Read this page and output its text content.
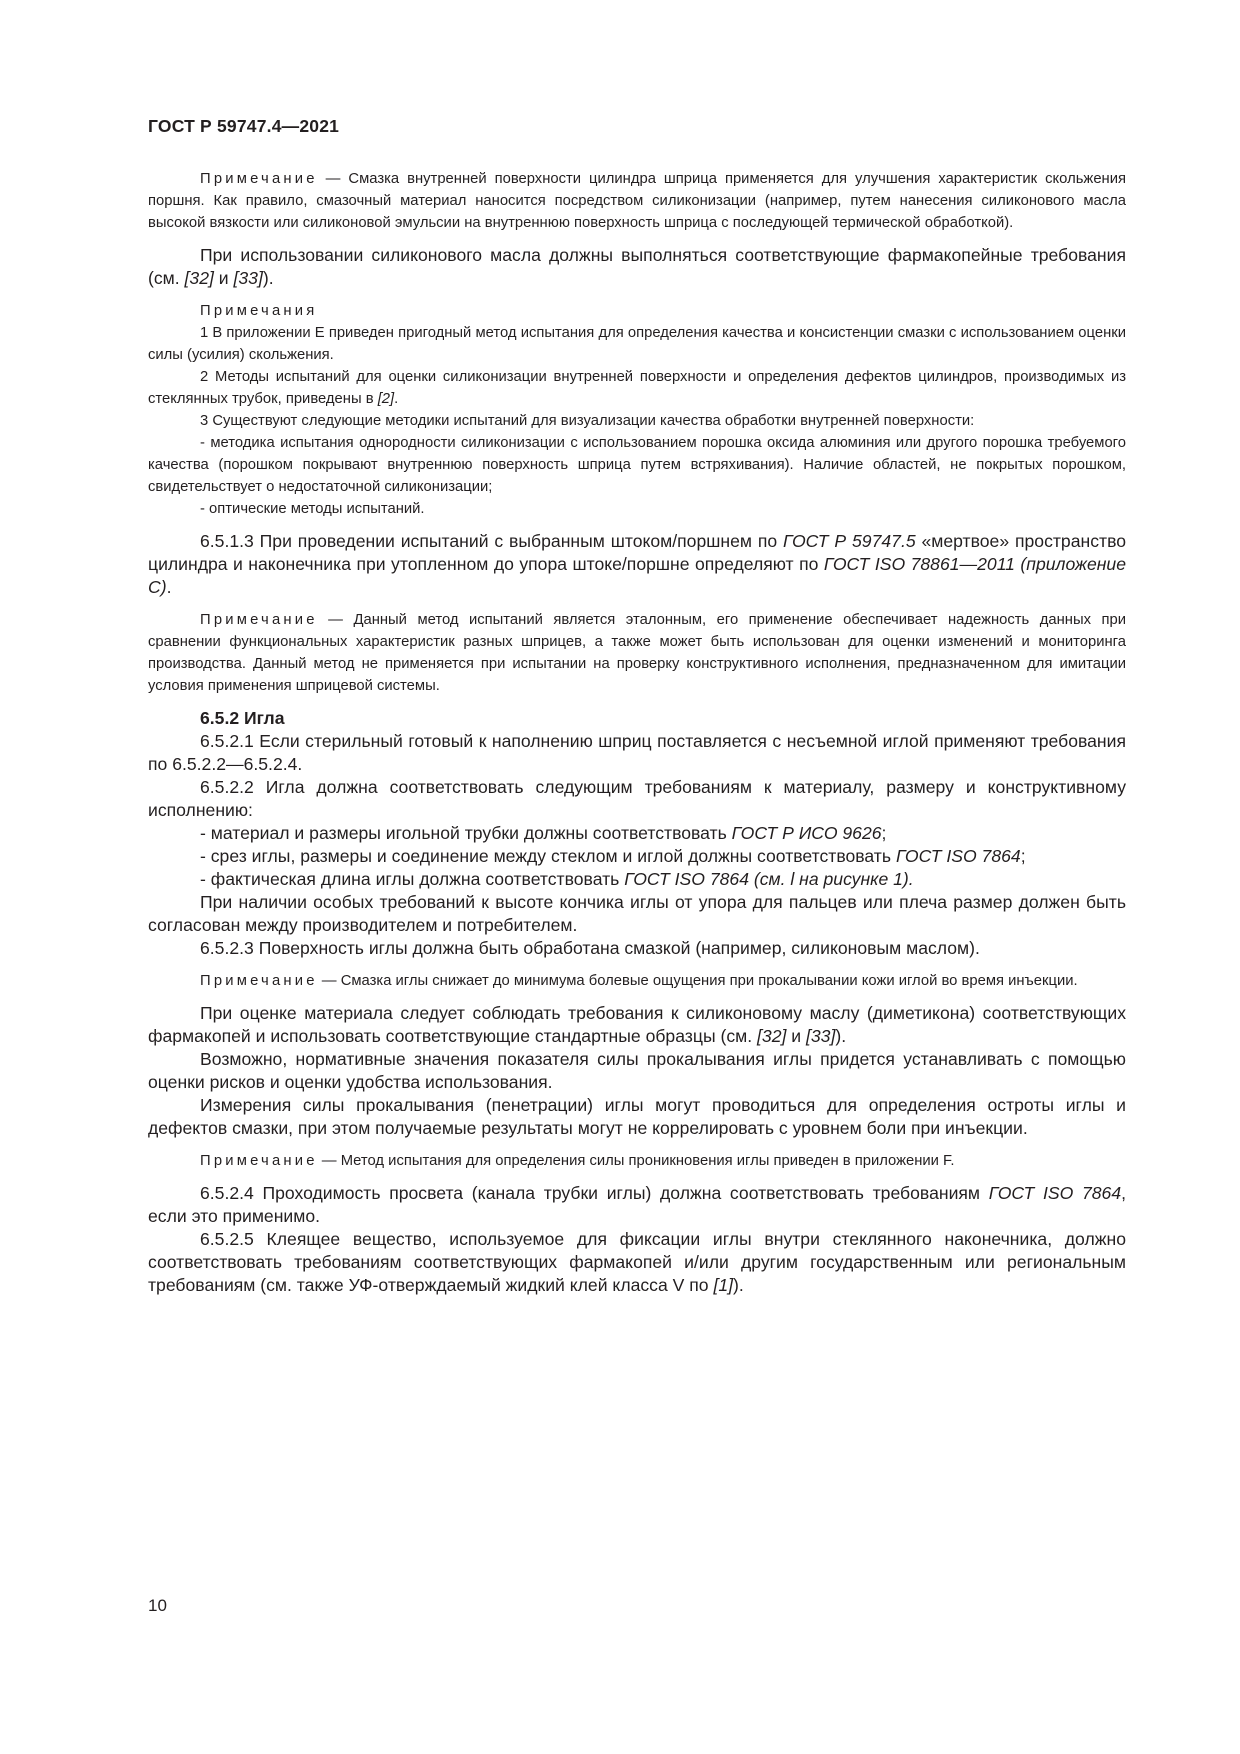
ГОСТ Р 59747.4—2021

Примечание — Смазка внутренней поверхности цилиндра шприца применяется для улучшения характеристик скольжения поршня. Как правило, смазочный материал наносится посредством силиконизации (например, путем нанесения силиконового масла высокой вязкости или силиконовой эмульсии на внутреннюю поверхность шприца с последующей термической обработкой).

При использовании силиконового масла должны выполняться соответствующие фармакопейные требования (см. [32] и [33]).

Примечания

1 В приложении Е приведен пригодный метод испытания для определения качества и консистенции смазки с использованием оценки силы (усилия) скольжения.

2 Методы испытаний для оценки силиконизации внутренней поверхности и определения дефектов цилиндров, производимых из стеклянных трубок, приведены в [2].

3 Существуют следующие методики испытаний для визуализации качества обработки внутренней поверхности:

- методика испытания однородности силиконизации с использованием порошка оксида алюминия или другого порошка требуемого качества (порошком покрывают внутреннюю поверхность шприца путем встряхивания). Наличие областей, не покрытых порошком, свидетельствует о недостаточной силиконизации;

- оптические методы испытаний.

6.5.1.3 При проведении испытаний с выбранным штоком/поршнем по ГОСТ Р 59747.5 «мертвое» пространство цилиндра и наконечника при утопленном до упора штоке/поршне определяют по ГОСТ ISO 78861—2011 (приложение С).

Примечание — Данный метод испытаний является эталонным, его применение обеспечивает надежность данных при сравнении функциональных характеристик разных шприцев, а также может быть использован для оценки изменений и мониторинга производства. Данный метод не применяется при испытании на проверку конструктивного исполнения, предназначенном для имитации условия применения шприцевой системы.

6.5.2 Игла

6.5.2.1 Если стерильный готовый к наполнению шприц поставляется с несъемной иглой применяют требования по 6.5.2.2—6.5.2.4.

6.5.2.2 Игла должна соответствовать следующим требованиям к материалу, размеру и конструктивному исполнению:

- материал и размеры игольной трубки должны соответствовать ГОСТ Р ИСО 9626;

- срез иглы, размеры и соединение между стеклом и иглой должны соответствовать ГОСТ ISO 7864;

- фактическая длина иглы должна соответствовать ГОСТ ISO 7864 (см. l на рисунке 1).

При наличии особых требований к высоте кончика иглы от упора для пальцев или плеча размер должен быть согласован между производителем и потребителем.

6.5.2.3 Поверхность иглы должна быть обработана смазкой (например, силиконовым маслом).

Примечание — Смазка иглы снижает до минимума болевые ощущения при прокалывании кожи иглой во время инъекции.

При оценке материала следует соблюдать требования к силиконовому маслу (диметикона) соответствующих фармакопей и использовать соответствующие стандартные образцы (см. [32] и [33]).

Возможно, нормативные значения показателя силы прокалывания иглы придется устанавливать с помощью оценки рисков и оценки удобства использования.

Измерения силы прокалывания (пенетрации) иглы могут проводиться для определения остроты иглы и дефектов смазки, при этом получаемые результаты могут не коррелировать с уровнем боли при инъекции.

Примечание — Метод испытания для определения силы проникновения иглы приведен в приложении F.

6.5.2.4 Проходимость просвета (канала трубки иглы) должна соответствовать требованиям ГОСТ ISO 7864, если это применимо.

6.5.2.5 Клеящее вещество, используемое для фиксации иглы внутри стеклянного наконечника, должно соответствовать требованиям соответствующих фармакопей и/или другим государственным или региональным требованиям (см. также УФ-отверждаемый жидкий клей класса V по [1]).

10
